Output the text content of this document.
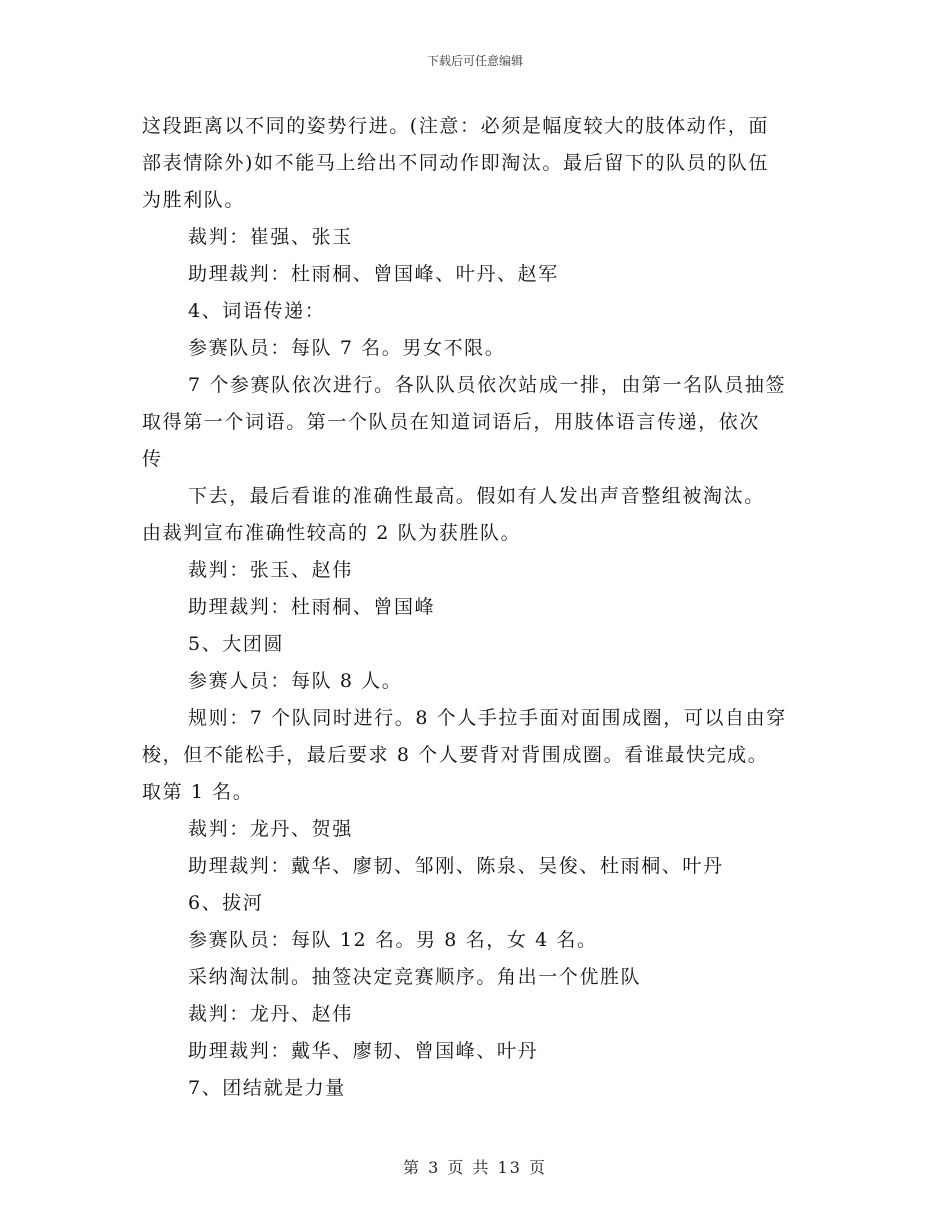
下载后可任意编辑
这段距离以不同的姿势行进。(注意：必须是幅度较大的肢体动作，面
部表情除外)如不能马上给出不同动作即淘汰。最后留下的队员的队伍
为胜利队。
裁判：崔强、张玉
助理裁判：杜雨桐、曾国峰、叶丹、赵军
4、词语传递：
参赛队员：每队 7 名。男女不限。
7 个参赛队依次进行。各队队员依次站成一排，由第一名队员抽签
取得第一个词语。第一个队员在知道词语后，用肢体语言传递，依次
传
下去，最后看谁的准确性最高。假如有人发出声音整组被淘汰。
由裁判宣布准确性较高的 2 队为获胜队。
裁判：张玉、赵伟
助理裁判：杜雨桐、曾国峰
5、大团圆
参赛人员：每队 8 人。
规则：7 个队同时进行。8 个人手拉手面对面围成圈，可以自由穿
梭，但不能松手，最后要求 8 个人要背对背围成圈。看谁最快完成。
取第 1 名。
裁判：龙丹、贺强
助理裁判：戴华、廖韧、邹刚、陈泉、吴俊、杜雨桐、叶丹
6、拔河
参赛队员：每队 12 名。男 8 名，女 4 名。
采纳淘汰制。抽签决定竞赛顺序。角出一个优胜队
裁判：龙丹、赵伟
助理裁判：戴华、廖韧、曾国峰、叶丹
7、团结就是力量
第 3 页 共 13 页
